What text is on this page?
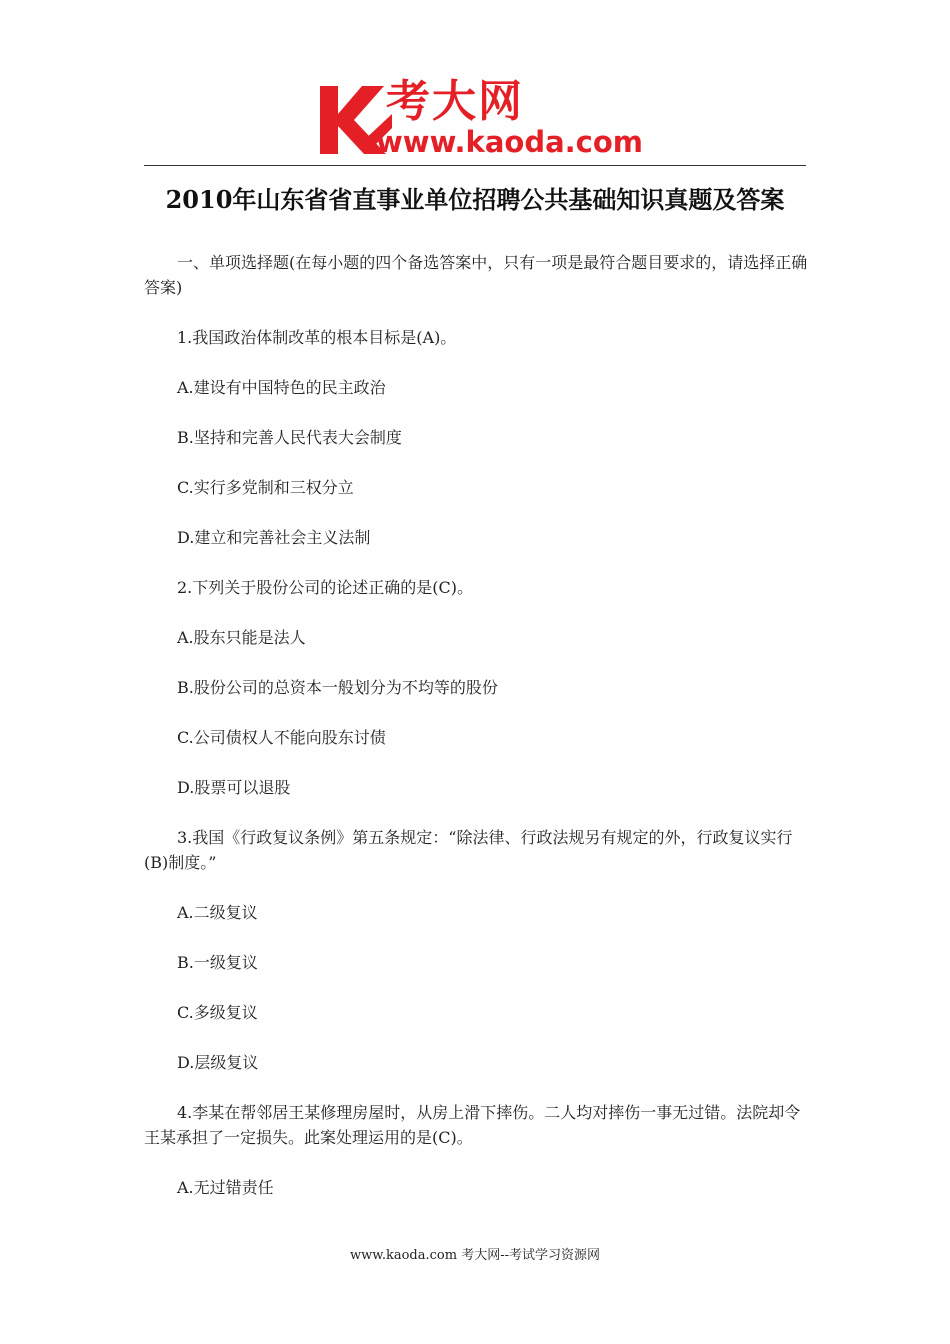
考大网
www.kaoda.com
2010年山东省省直事业单位招聘公共基础知识真题及答案

一、单项选择题(在每小题的四个备选答案中，只有一项是最符合题目要求的，请选择正确答案)

1.我国政治体制改革的根本目标是(A)。

A.建设有中国特色的民主政治

B.坚持和完善人民代表大会制度

C.实行多党制和三权分立

D.建立和完善社会主义法制

2.下列关于股份公司的论述正确的是(C)。

A.股东只能是法人

B.股份公司的总资本一般划分为不均等的股份

C.公司债权人不能向股东讨债

D.股票可以退股

3.我国《行政复议条例》第五条规定：“除法律、行政法规另有规定的外，行政复议实行(B)制度。”

A.二级复议

B.一级复议

C.多级复议

D.层级复议

4.李某在帮邻居王某修理房屋时，从房上滑下摔伤。二人均对摔伤一事无过错。法院却令王某承担了一定损失。此案处理运用的是(C)。

A.无过错责任

www.kaoda.com 考大网--考试学习资源网
